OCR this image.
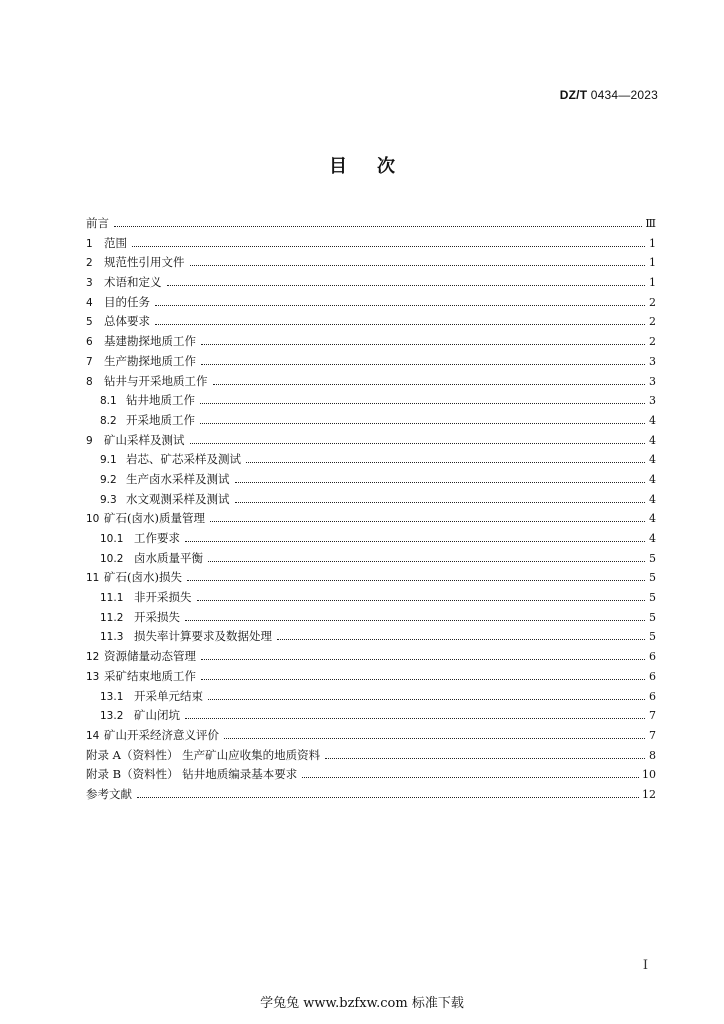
DZ/T 0434—2023
目次
前言	Ⅲ
1 范围	1
2 规范性引用文件	1
3 术语和定义	1
4 目的任务	2
5 总体要求	2
6 基建勘探地质工作	2
7 生产勘探地质工作	3
8 钻井与开采地质工作	3
8.1 钻井地质工作	3
8.2 开采地质工作	4
9 矿山采样及测试	4
9.1 岩芯、矿芯采样及测试	4
9.2 生产卤水采样及测试	4
9.3 水文观测采样及测试	4
10 矿石(卤水)质量管理	4
10.1 工作要求	4
10.2 卤水质量平衡	5
11 矿石(卤水)损失	5
11.1 非开采损失	5
11.2 开采损失	5
11.3 损失率计算要求及数据处理	5
12 资源储量动态管理	6
13 采矿结束地质工作	6
13.1 开采单元结束	6
13.2 矿山闭坑	7
14 矿山开采经济意义评价	7
附录 A（资料性） 生产矿山应收集的地质资料	8
附录 B（资料性） 钻井地质编录基本要求	10
参考文献	12
I
学兔兔 www.bzfxw.com 标准下载
